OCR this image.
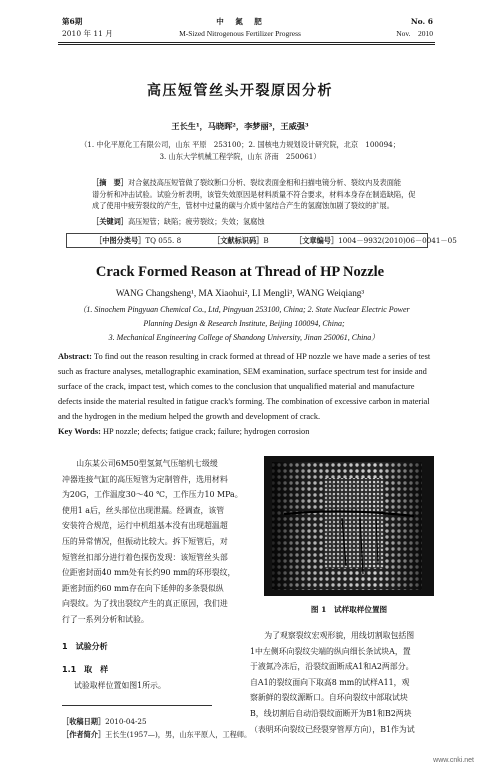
第6期	中　氮　肥	No. 6
2010 年 11 月	M-Sized Nitrogenous Fertilizer Progress	Nov.　2010
高压短管丝头开裂原因分析
王长生¹，马晓晖²，李梦丽³，王威强³
（1. 中化平原化工有限公司，山东 平原　253100；2. 国核电力规划设计研究院，北京　100094；
3. 山东大学机械工程学院，山东 济南　250061）
［摘　要］对合氨技高压短管做了裂纹断口分析、裂纹表面金相和扫描电镜分析、裂纹内及表面能
谱分析和冲击试验。试验分析表明，该管失效原因是材料质量不符合要求，材料本身存在制造缺陷，促
成了使用中疲劳裂纹的产生，管材中过量的碳与介质中氢结合产生的氢腐蚀加剧了裂纹的扩展。
［关键词］高压短管；缺陷；疲劳裂纹；失效；氢腐蚀
［中图分类号］TQ 055. 8	［文献标识码］B	［文章编号］1004－9932(2010)06－0041－05
Crack Formed Reason at Thread of HP Nozzle
WANG Changsheng¹, MA Xiaohui², LI Mengli³, WANG Weiqiang³
（1. Sinochem Pingyuan Chemical Co., Ltd, Pingyuan 253100, China; 2. State Nuclear Electric Power
Planning Design & Research Institute, Beijing 100094, China;
3. Mechanical Engineering College of Shandong University, Jinan 250061, China）
Abstract: To find out the reason resulting in crack formed at thread of HP nozzle we have made a series of test
such as fracture analyses, metallographic examination, SEM examination, surface spectrum test for inside and
surface of the crack, impact test, which comes to the conclusion that unqualified material and manufacture
defects inside the material resulted in fatigue crack's forming. The combination of excessive carbon in material
and the hydrogen in the medium helped the growth and development of crack.
Key Words: HP nozzle; defects; fatigue crack; failure; hydrogen corrosion
山东某公司6M50型氢氮气压缩机七级缓
冲器连接气缸的高压短管为定制管件，选用材料
为20G，工作温度30～40 ℃，工作压力10 MPa。
使用1 a后，丝头部位出现泄漏。经调查，该管
安装符合规范，运行中机组基本没有出现超温超
压的异常情况，但振动比较大。拆下短管后，对
短管丝扣部分进行着色探伤发现：该短管丝头部
位距密封面40 mm处有长约90 mm的环形裂纹，
距密封面约60 mm存在向下延伸的多条裂似纵
向裂纹。为了找出裂纹产生的真正原因，我们进
行了一系列分析和试验。
1　试验分析
1.1　取　样
试验取样位置如图1所示。
［收稿日期］2010-04-25
［作者简介］王长生(1957—)，男，山东平原人，工程师。
图 1　试样取样位置图
为了观察裂纹宏观形貌，用线切割取包括图
1中左侧环向裂纹尖端的纵向细长条试块A，置
于液氮冷冻后，沿裂纹面断成A1和A2两部分。
自A1的裂纹面向下取高8 mm的试样A11，观
察新鲜的裂纹源断口。自环向裂纹中部取试块
B，线切割后自动沿裂纹面断开为B1和B2两块
（表明环向裂纹已经裂穿管厚方向），B1作为试
www.cnki.net
